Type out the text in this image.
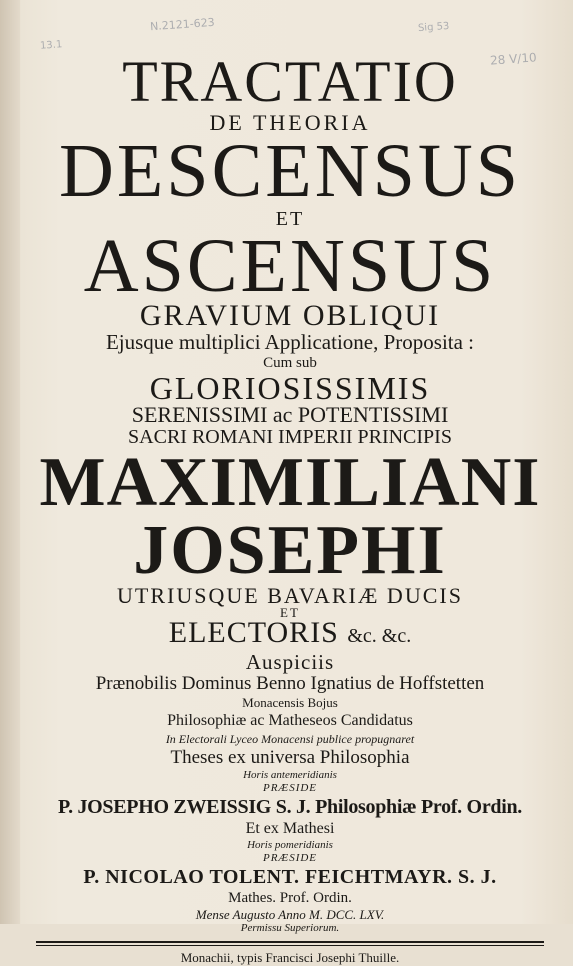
N.2121-623	Sig 53
28 V/10
13.1
TRACTATIO
DE THEORIA
DESCENSUS
ET
ASCENSUS
GRAVIUM OBLIQUI
Ejusque multiplici Applicatione, Proposita :
Cum sub
GLORIOSISSIMIS
SERENISSIMI ac POTENTISSIMI
SACRI ROMANI IMPERII PRINCIPIS
MAXIMILIANI
JOSEPHI
UTRIUSQUE BAVARIÆ DUCIS
ET
ELECTORIS &c. &c.
Auspiciis
Prænobilis Dominus Benno Ignatius de Hoffstetten
Monacensis Bojus
Philosophiæ ac Matheseos Candidatus
In Electorali Lyceo Monacensi publice propugnaret
Theses ex universa Philosophia
Horis antemeridianis
PRÆSIDE
P. JOSEPHO ZWEISSIG S. J. Philosophiæ Prof. Ordin.
Et ex Mathesi
Horis pomeridianis
PRÆSIDE
P. NICOLAO TOLENT. FEICHTMAYR. S. J.
Mathes. Prof. Ordin.
Mense Augusto Anno M. DCC. LXV.
Permissu Superiorum.
Monachii, typis Francisci Josephi Thuille.
